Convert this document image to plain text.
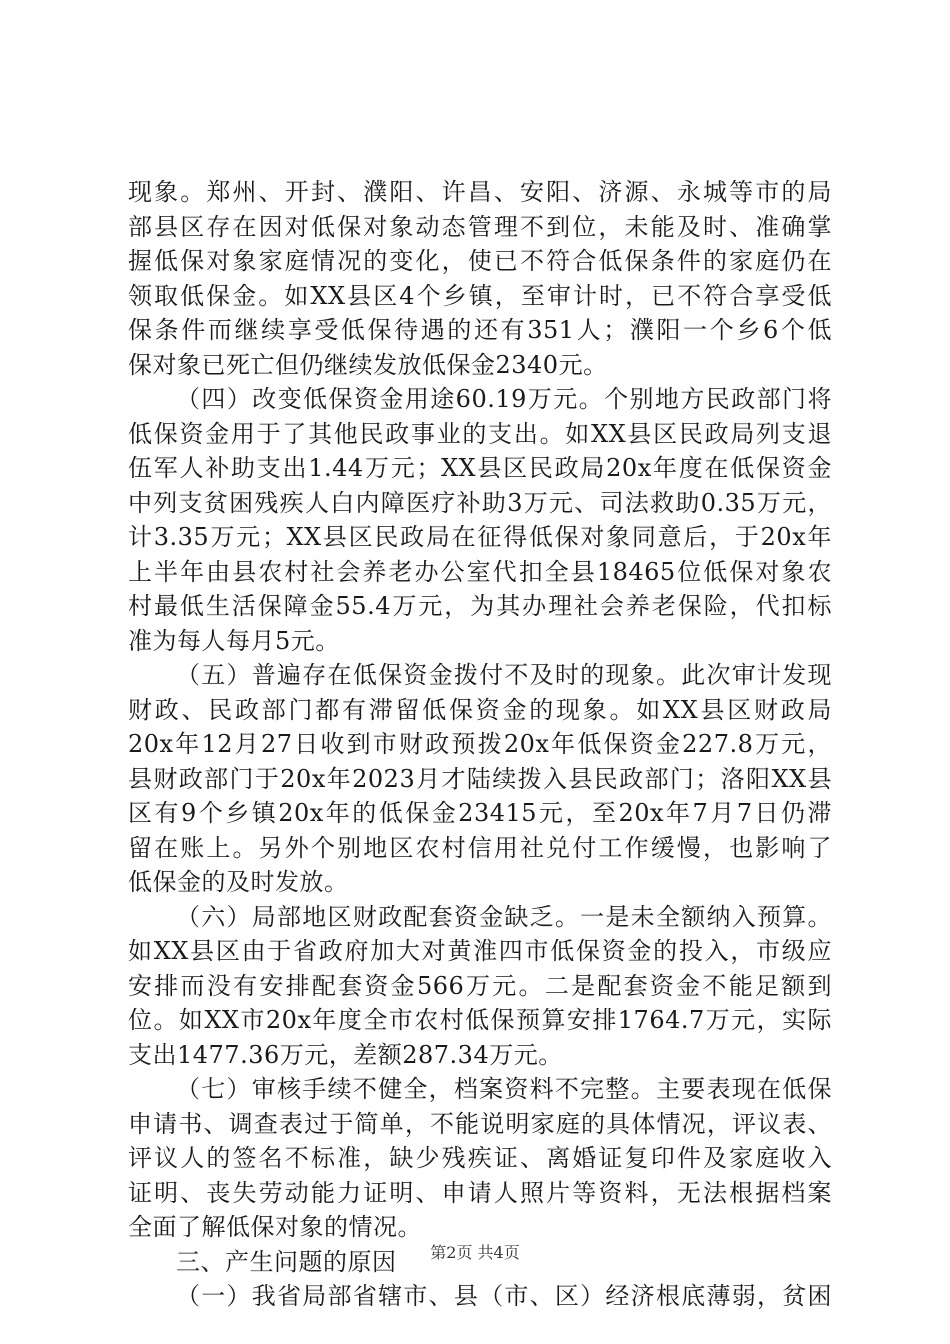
现象。郑州、开封、濮阳、许昌、安阳、济源、永城等市的局
部县区存在因对低保对象动态管理不到位，未能及时、准确掌
握低保对象家庭情况的变化，使已不符合低保条件的家庭仍在
领取低保金。如XX县区4个乡镇，至审计时，已不符合享受低
保条件而继续享受低保待遇的还有351人；濮阳一个乡6个低
保对象已死亡但仍继续发放低保金2340元。
（四）改变低保资金用途60.19万元。个别地方民政部门将
低保资金用于了其他民政事业的支出。如XX县区民政局列支退
伍军人补助支出1.44万元；XX县区民政局20x年度在低保资金
中列支贫困残疾人白内障医疗补助3万元、司法救助0.35万元，
计3.35万元；XX县区民政局在征得低保对象同意后，于20x年
上半年由县农村社会养老办公室代扣全县18465位低保对象农
村最低生活保障金55.4万元，为其办理社会养老保险，代扣标
准为每人每月5元。
（五）普遍存在低保资金拨付不及时的现象。此次审计发现
财政、民政部门都有滞留低保资金的现象。如XX县区财政局
20x年12月27日收到市财政预拨20x年低保资金227.8万元，
县财政部门于20x年2023月才陆续拨入县民政部门；洛阳XX县
区有9个乡镇20x年的低保金23415元，至20x年7月7日仍滞
留在账上。另外个别地区农村信用社兑付工作缓慢，也影响了
低保金的及时发放。
（六）局部地区财政配套资金缺乏。一是未全额纳入预算。
如XX县区由于省政府加大对黄淮四市低保资金的投入，市级应
安排而没有安排配套资金566万元。二是配套资金不能足额到
位。如XX市20x年度全市农村低保预算安排1764.7万元，实际
支出1477.36万元，差额287.34万元。
（七）审核手续不健全，档案资料不完整。主要表现在低保
申请书、调查表过于简单，不能说明家庭的具体情况，评议表、
评议人的签名不标准，缺少残疾证、离婚证复印件及家庭收入
证明、丧失劳动能力证明、申请人照片等资料，无法根据档案
全面了解低保对象的情况。
三、产生问题的原因
（一）我省局部省辖市、县（市、区）经济根底薄弱，贫困
第2页 共4页
